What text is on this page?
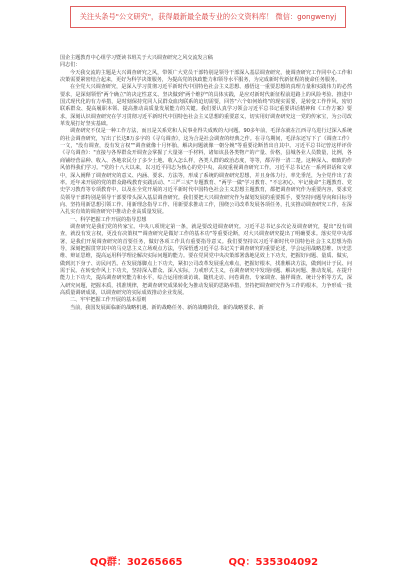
关注头条号"公文研究"，获得最新最全最专业的公文资料库！ 微信：gongwenyj

国企主题教育中心组学习暨读书班关于大兴调查研究之风交流发言稿

同志们：

今天我交流的主题是大兴调查研究之风，带领广大党员干部特别是领导干部深入基层调查研究，使调查研究工作同中心工作和决策需要紧密结合起来，更好为科学决策服务，为提高党的执政能力和领导水平服务，为完成新时代新征程的使命任务服务。

在全党大兴调查研究，是深入学习贯彻习近平新时代中国特色社会主义思想、感悟这一重要思想的真理力量和实践伟力的必然要求，是深刻领悟"两个确立"的决定性意义、坚决做到"两个维护"的具体实践，是应对新时代新征程前进路上的风险考验、推进中国式现代化的有力举措，是时刻保持党同人民群众血肉联系的迫切需要，回答"六个如何始终"的现实需要，是转变工作作风、密切联系群众、提高履职本领、提高推动高质量发展能力的关键。我们要认真学习领会习近平总书记重要讲话精神和《工作方案》要求，深刻认识调查研究在学习贯彻习近平新时代中国特色社会主义思想的重要意义，切实用好调查研究这一党的传家宝，为公司改革发展打好坚实基础。

调查研究不仅是一种工作方法，而且是关系党和人民事业得失成败的大问题。90多年前，毛泽东就在江西寻乌进行过深入系统的社会调查研究，写出了长达8万多字的《寻乌调查》，这为合是社会调查的经典之作。在寻乌期间，毛泽东还写下了《调查工作》一文，"没有调查，没有发言权""调查就像十月怀胎，解决问题就像一朝分娩"等重要论断皆出自其中。习近平总书记曾这样评价《寻乌调查》："直接与各界群众开调查会掌握了大量第一手材料，诸如该县各类物产的产量、价格，县城各业人员数量，比例，各商铺经营品种、收入、各地农民分了多少土地、收入怎么样，各类人群的政治态度，等等，都弄得一清二楚。这种深入、细致的作风值得我们学习。"党的十八大以来，以习近平同志为核心的党中央，高度重视调查研究工作。习近平总书记在一系列讲话和文章中，深入阐释了调查研究的意义、内涵、要求、方法等，形成了系统的调查研究思想，并且身体力行，率先垂范，为全党作出了表率。近年来开展的党的群众路线教育实践活动、"三严三实"专题教育、"两学一做"学习教育、"不忘初心、牢记使命"主题教育、党史学习教育等专项教育中，以及在全党开展的习近平新时代中国特色社会主义思想主题教育，都把调查研究作为重要内容，要求党员领导干部特别是领导干部要带头深入基层调查研究。我们要把大兴调查研究作为谋划发展的重要抓手，要坚持问题导向和目标导向、坚持用新思想引领工作、用新理念指导工作、用新要求推动工作，围绕公司改革发展各项任务，扎实推动调查研究工作，在深入扎实有效的调查研究中推动企业高质量发展。

一、科学把握工作开展的指导思想

调查研究是我们党的传家宝。中央八项规定第一条，就是要改进调查研究。习近平总书记多次论及调查研究，提出"没有调查，就没有发言权，更没有决策权""调查研究是做好工作的基本功"等重要论断，对大兴调查研究提出了明确要求。落实党中央部署，是我们开展调查研究的首要任务，做好各项工作具有重要指导意义。我们要坚持以习近平新时代中国特色社会主义思想为指导，深刻把握贯穿其中的马克思主义立场观点方法，学深悟透习近平总书记关于调查研究的重要论述，学会运用战略思维、历史思维、辩证思维，提高运用科学理论解决实际问题的能力。要在党同党中央决策部署落地见效上下功夫，把握好问题、量质、做实，做到沉下身子、访民问苦。在发展落脚点上下功夫，紧扣公司改革发展重点难点，把握好根本，找准解决方法，做到问计于民、问需于民。在转变作风上下功夫，坚持深入群众、深入实际，力戒形式主义，在调查研究中发现问题、解决问题、推动发展。在提升能力上下功夫，提高调查研究能力和水平，综合运用座谈访谈、随机走访、问卷调查、专家调查、抽样调查、统计分析等方式，深入研究问题，把握本质，找准规律，把调查研究成果转化为推动发展的思路举措，坚持把调查研究作为工作的根本，力争形成一批高质量调研成果，以调查研究的实际成效推动企业发展。

二、牢牢把握工作开展的基本原则

当前，我国发展面临新的战略机遇、新的战略任务、新的战略阶段、新的战略要求、新

QQ群：30265665	QQ：535304092
